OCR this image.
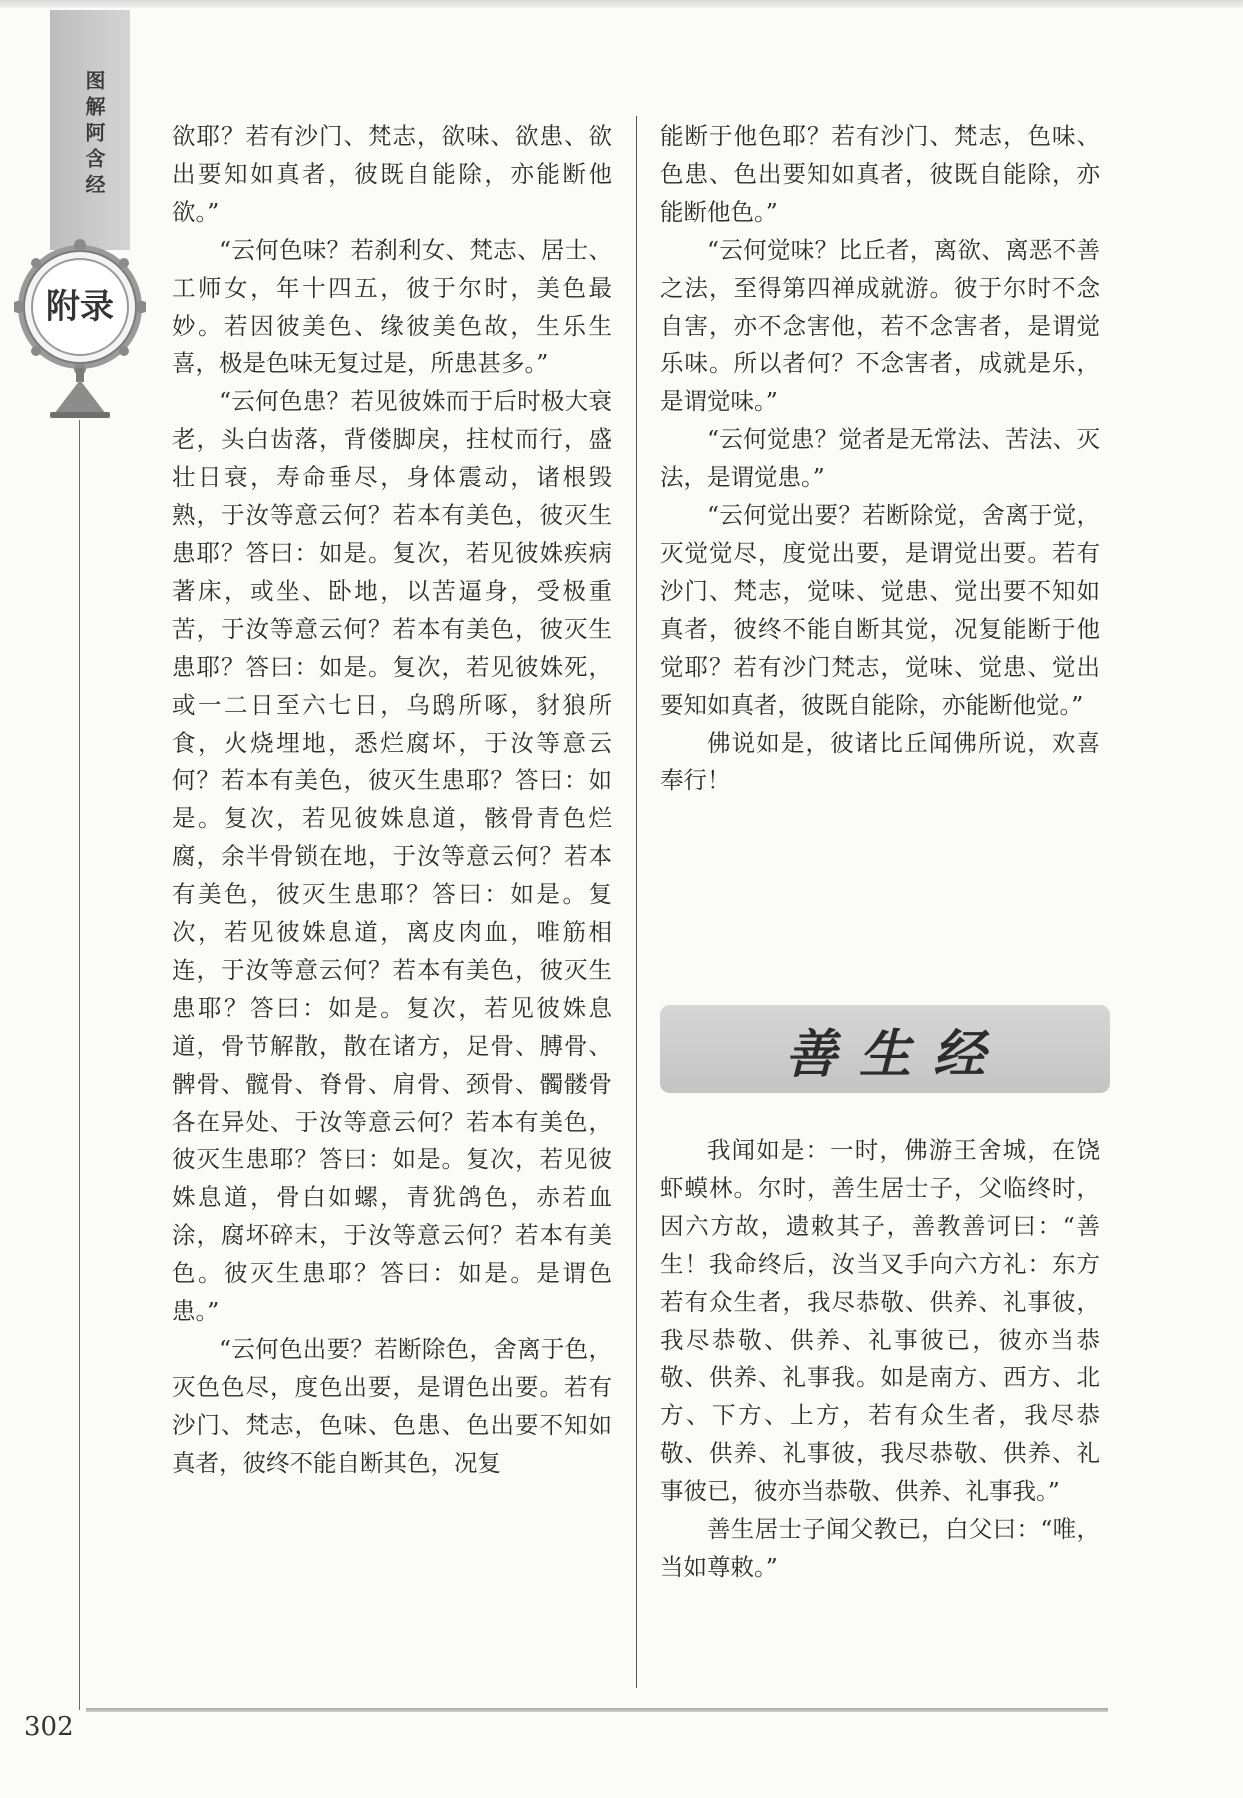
图解阿含经
附录

欲耶？若有沙门、梵志，欲味、欲患、欲出要知如真者，彼既自能除，亦能断他欲。”

“云何色味？若刹利女、梵志、居士、工师女，年十四五，彼于尔时，美色最妙。若因彼美色、缘彼美色故，生乐生喜，极是色味无复过是，所患甚多。”

“云何色患？若见彼姝而于后时极大衰老，头白齿落，背偻脚戾，拄杖而行，盛壮日衰，寿命垂尽，身体震动，诸根毁熟，于汝等意云何？若本有美色，彼灭生患耶？答曰：如是。复次，若见彼姝疾病著床，或坐、卧地，以苦逼身，受极重苦，于汝等意云何？若本有美色，彼灭生患耶？答曰：如是。复次，若见彼姝死，或一二日至六七日，乌鸱所啄，豺狼所食，火烧埋地，悉烂腐坏，于汝等意云何？若本有美色，彼灭生患耶？答曰：如是。复次，若见彼姝息道，骸骨青色烂腐，余半骨锁在地，于汝等意云何？若本有美色，彼灭生患耶？答曰：如是。复次，若见彼姝息道，离皮肉血，唯筋相连，于汝等意云何？若本有美色，彼灭生患耶？答曰：如是。复次，若见彼姝息道，骨节解散，散在诸方，足骨、膊骨、髀骨、髋骨、脊骨、肩骨、颈骨、髑髅骨各在异处、于汝等意云何？若本有美色，彼灭生患耶？答曰：如是。复次，若见彼姝息道，骨白如螺，青犹鸽色，赤若血涂，腐坏碎末，于汝等意云何？若本有美色。彼灭生患耶？答曰：如是。是谓色患。”

“云何色出要？若断除色，舍离于色，灭色色尽，度色出要，是谓色出要。若有沙门、梵志，色味、色患、色出要不知如真者，彼终不能自断其色，况复

能断于他色耶？若有沙门、梵志，色味、色患、色出要知如真者，彼既自能除，亦能断他色。”

“云何觉味？比丘者，离欲、离恶不善之法，至得第四禅成就游。彼于尔时不念自害，亦不念害他，若不念害者，是谓觉乐味。所以者何？不念害者，成就是乐，是谓觉味。”

“云何觉患？觉者是无常法、苦法、灭法，是谓觉患。”

“云何觉出要？若断除觉，舍离于觉，灭觉觉尽，度觉出要，是谓觉出要。若有沙门、梵志，觉味、觉患、觉出要不知如真者，彼终不能自断其觉，况复能断于他觉耶？若有沙门梵志，觉味、觉患、觉出要知如真者，彼既自能除，亦能断他觉。”

佛说如是，彼诸比丘闻佛所说，欢喜奉行！

善生经

我闻如是：一时，佛游王舍城，在饶虾蟆林。尔时，善生居士子，父临终时，因六方故，遗敕其子，善教善诃曰：“善生！我命终后，汝当叉手向六方礼：东方若有众生者，我尽恭敬、供养、礼事彼，我尽恭敬、供养、礼事彼已，彼亦当恭敬、供养、礼事我。如是南方、西方、北方、下方、上方，若有众生者，我尽恭敬、供养、礼事彼，我尽恭敬、供养、礼事彼已，彼亦当恭敬、供养、礼事我。”

善生居士子闻父教已，白父曰：“唯，当如尊敕。”

302
